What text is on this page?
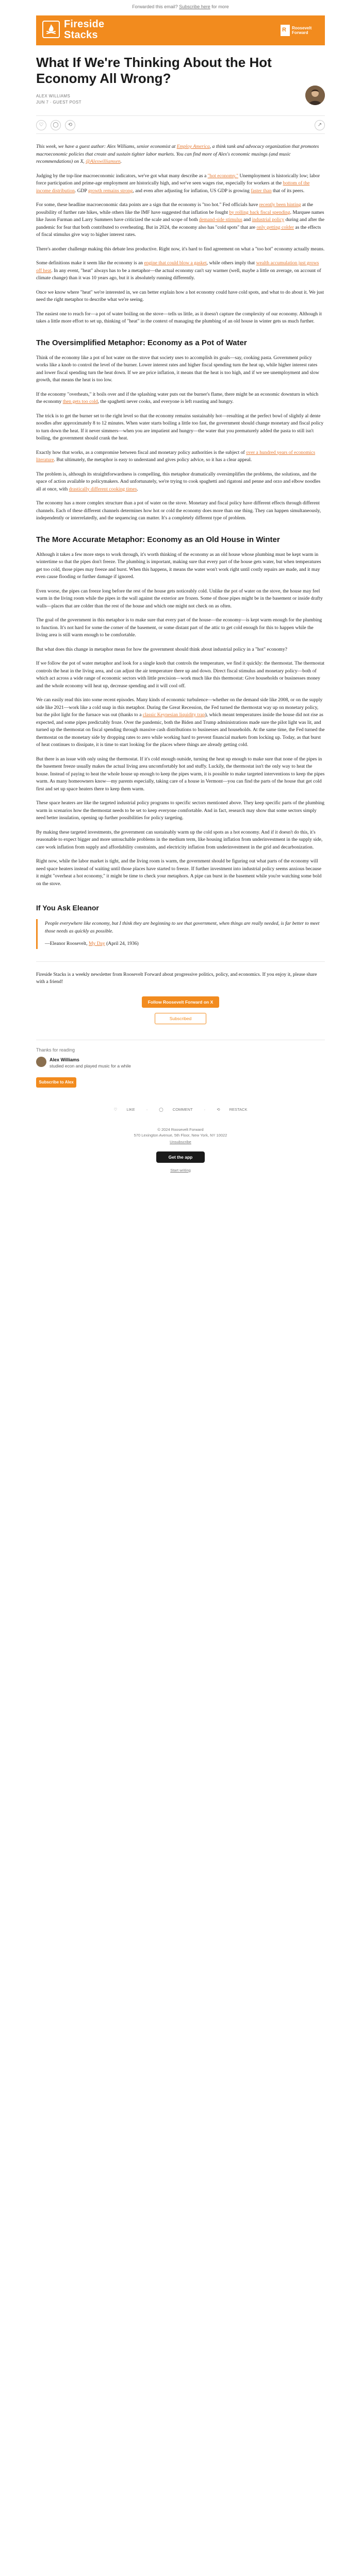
Forwarded this email? Subscribe here for more
Fireside
Stacks	R Roosevelt
Forward
What If We're Thinking About the Hot Economy All Wrong?
ALEX WILLIAMS
JUN 7 · GUEST POST
♡	◯	⟲	↗

This week, we have a guest author: Alex Williams, senior economist at Employ America, a think tank and advocacy organization that promotes macroeconomic policies that create and sustain tighter labor markets. You can find more of Alex's economic musings (and music recommendations) on X, @Alexwilliamsen.

Judging by the top-line macroeconomic indicators, we've got what many describe as a "hot economy." Unemployment is historically low; labor force participation and prime-age employment are historically high, and we've seen wages rise, especially for workers at the bottom of the income distribution. GDP growth remains strong, and even after adjusting for inflation, US GDP is growing faster than that of its peers.

For some, these headline macroeconomic data points are a sign that the economy is "too hot." Fed officials have recently been hinting at the possibility of further rate hikes, while others like the IMF have suggested that inflation be fought by rolling back fiscal spending. Marquee names like Jason Furman and Larry Summers have criticized the scale and scope of both demand-side stimulus and industrial policy during and after the pandemic for fear that both contributed to overheating. But in 2024, the economy also has "cold spots" that are only getting colder as the effects of fiscal stimulus give way to higher interest rates.

There's another challenge making this debate less productive. Right now, it's hard to find agreement on what a "too hot" economy actually means.

Some definitions make it seem like the economy is an engine that could blow a gasket, while others imply that wealth accumulation just grows off heat. In any event, "heat" always has to be a metaphor—the actual economy can't say warmer (well, maybe a little on average, on account of climate change) than it was 10 years ago, but it is absolutely running differently.

Once we know where "heat" we're interested in, we can better explain how a hot economy could have cold spots, and what to do about it. We just need the right metaphor to describe what we're seeing.

The easiest one to reach for—a pot of water boiling on the stove—tells us little, as it doesn't capture the complexity of our economy. Although it takes a little more effort to set up, thinking of "heat" in the context of managing the plumbing of an old house in winter gets us much further.

The Oversimplified Metaphor: Economy as a Pot of Water

Think of the economy like a pot of hot water on the stove that society uses to accomplish its goals—say, cooking pasta. Government policy works like a knob to control the level of the burner. Lower interest rates and higher fiscal spending turn the heat up, while higher interest rates and lower fiscal spending turn the heat down. If we are price inflation, it means that the heat is too high, and if we see unemployment and slow growth, that means the heat is too low.

If the economy "overheats," it boils over and if the splashing water puts out the burner's flame, there might be an economic downturn in which the economy then gets too cold, the spaghetti never cooks, and everyone is left roasting and hungry.

The trick is to get the burner set to the right level so that the economy remains sustainably hot—resulting at the perfect bowl of slightly al dente noodles after approximately 8 to 12 minutes. When water starts boiling a little too fast, the government should change monetary and fiscal policy to turn down the heat. If it never simmers—when you are impatient and hungry—the water that you prematurely added the pasta to still isn't boiling, the government should crank the heat.

Exactly how that works, as a compromise between fiscal and monetary policy authorities is the subject of over a hundred years of economics literature. But ultimately, the metaphor is easy to understand and gives policy advice, so it has a clear appeal.

The problem is, although its straightforwardness is compelling, this metaphor dramatically oversimplifies the problems, the solutions, and the space of action available to policymakers. And unfortunately, we're trying to cook spaghetti and rigatoni and penne and orzo and elbow noodles all at once, with drastically different cooking times.

The economy has a more complex structure than a pot of water on the stove. Monetary and fiscal policy have different effects through different channels. Each of these different channels determines how hot or cold the economy does more than one thing. They can happen simultaneously, independently or interrelatedly, and the sequencing can matter. It's a completely different type of problem.

The More Accurate Metaphor: Economy as an Old House in Winter

Although it takes a few more steps to work through, it's worth thinking of the economy as an old house whose plumbing must be kept warm in wintertime so that the pipes don't freeze. The plumbing is important, making sure that every part of the house gets water, but when temperatures get too cold, those pipes may freeze and burst. When this happens, it means the water won't work right until costly repairs are made, and it may even cause flooding or further damage if ignored.

Even worse, the pipes can freeze long before the rest of the house gets noticeably cold. Unlike the pot of water on the stove, the house may feel warm in the living room while the pipes in the wall against the exterior are frozen. Some of those pipes might be in the basement or inside drafty walls—places that are colder than the rest of the house and which one might not check on as often.

The goal of the government in this metaphor is to make sure that every part of the house—the economy—is kept warm enough for the plumbing to function. It's not hard for some the corner of the basement, or some distant part of the attic to get cold enough for this to happen while the living area is still warm enough to be comfortable.

But what does this change in metaphor mean for how the government should think about industrial policy in a "hot" economy?

If we follow the pot of water metaphor and look for a single knob that controls the temperature, we find it quickly: the thermostat. The thermostat controls the heat in the living area, and can adjust the air temperature there up and down. Direct fiscal stimulus and monetary policy—both of which act across a wide range of economic sectors with little precision—work much like this thermostat: Give households or businesses money and the whole economy will heat up, decrease spending and it will cool off.

We can easily read this into some recent episodes. Many kinds of economic turbulence—whether on the demand side like 2008, or on the supply side like 2021—work like a cold snap in this metaphor. During the Great Recession, the Fed turned the thermostat way up on monetary policy, but the pilot light for the furnace was out (thanks to a classic Keynesian liquidity trap), which meant temperatures inside the house did not rise as expected, and some pipes predictably froze. Over the pandemic, both the Biden and Trump administrations made sure the pilot light was lit, and turned up the thermostat on fiscal spending through massive cash distributions to businesses and households. At the same time, the Fed turned the thermostat on the monetary side by dropping rates to zero while working hard to prevent financial markets from locking up. Today, as that burst of heat continues to dissipate, it is time to start looking for the places where things are already getting cold.

But there is an issue with only using the thermostat. If it's cold enough outside, turning the heat up enough to make sure that none of the pipes in the basement freeze usually makes the actual living area uncomfortably hot and stuffy. Luckily, the thermostat isn't the only way to heat the house. Instead of paying to heat the whole house up enough to keep the pipes warm, it is possible to make targeted interventions to keep the pipes warm. As many homeowners know—my parents especially, taking care of a house in Vermont—you can find the parts of the house that get cold first and set up space heaters there to keep them warm.

These space heaters are like the targeted industrial policy programs to specific sectors mentioned above. They keep specific parts of the plumbing warm in scenarios how the thermostat needs to be set to keep everyone comfortable. And in fact, research may show that some sectors simply need better insulation, opening up further possibilities for policy targeting.

By making these targeted investments, the government can sustainably warm up the cold spots as a hot economy. And if it doesn't do this, it's reasonable to expect bigger and more untouchable problems in the medium term, like housing inflation from underinvestment in the supply side, care work inflation from supply and affordability constraints, and electricity inflation from underinvestment in the grid and decarbonization.

Right now, while the labor market is tight, and the living room is warm, the government should be figuring out what parts of the economy will need space heaters instead of waiting until those places have started to freeze. If further investment into industrial policy seems anxious because it might "overheat a hot economy," it might be time to check your metaphors. A pipe can burst in the basement while you're watching some bold on the stove.

If You Ask Eleanor

People everywhere like economy, but I think they are beginning to see that government, when things are really needed, is far better to meet those needs as quickly as possible.

—Eleanor Roosevelt, My Day (April 24, 1936)

Fireside Stacks is a weekly newsletter from Roosevelt Forward about progressive politics, policy, and economics. If you enjoy it, please share with a friend!
Follow Roosevelt Forward on X
Subscribed
Thanks for reading
Alex Williams
studied econ and played music for a while
Subscribe to Alex
♡ LIKE	·	◯ COMMENT	·	⟲ RESTACK
© 2024 Roosevelt Forward
570 Lexington Avenue, 5th Floor, New York, NY 10022
Unsubscribe
Get the app
Start writing
